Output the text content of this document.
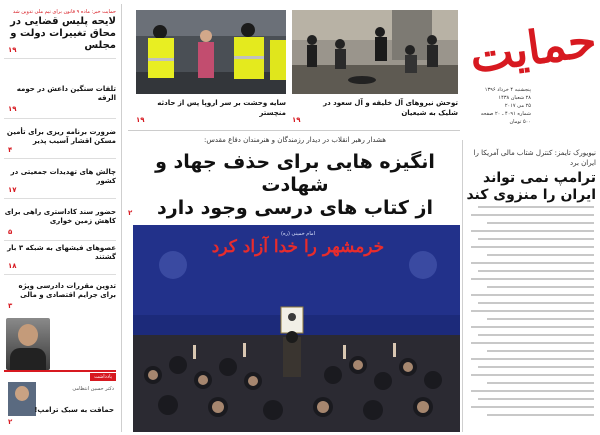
حمایت
پنجشنبه ۴ خرداد ۱۳۹۶
۲۸ شعبان ۱۴۳۸
۲۵ می ۲۰۱۷
شماره ۴۰۹۱ ـ ۲۰ صفحه
۵۰۰ تومان
نیویورک تایمز: کنترل شتاب مالی آمریکا را ایران برد
ترامپ نمی تواند ایران را منزوی کند
حمایت خبر: ماده ۹ قانون برای تیم ملی تدوین شد
لایحه پلیس قضایی در محاق تغییرات دولت و مجلس
۱۹
تلفات سنگین داعش در حومه الرقه
۱۹
ضرورت برنامه ریزی برای تأمین مسکن اقشار آسیب پذیر
۴
چالش های تهدیدات جمعیتی در کشور
۱۷
حضور سند کاداستری راهی برای کاهش زمین خواری
۵
عصوهای فیشهای به شبکه ۳ بار گشتند
۱۸
تدوین مقررات دادرسی ویژه برای جرایم اقتصادی و مالی
۳
یادداشت
دکتر حسین انتظامی
حماقت به سبک ترامپ!
۲
توحش نیروهای آل خلیفه و آل سعود در شلیک به شیعیان
۱۹
سایه وحشت بر سر اروپا پس از حادثه منچستر
۱۹
هشدار رهبر انقلاب در دیدار رزمندگان و هنرمندان دفاع مقدس:
انگیزه هایی برای حذف جهاد و شهادت
از کتاب های درسی وجود دارد
۲
امام خمینی (ره)
خرمشهر را خدا آزاد کرد
